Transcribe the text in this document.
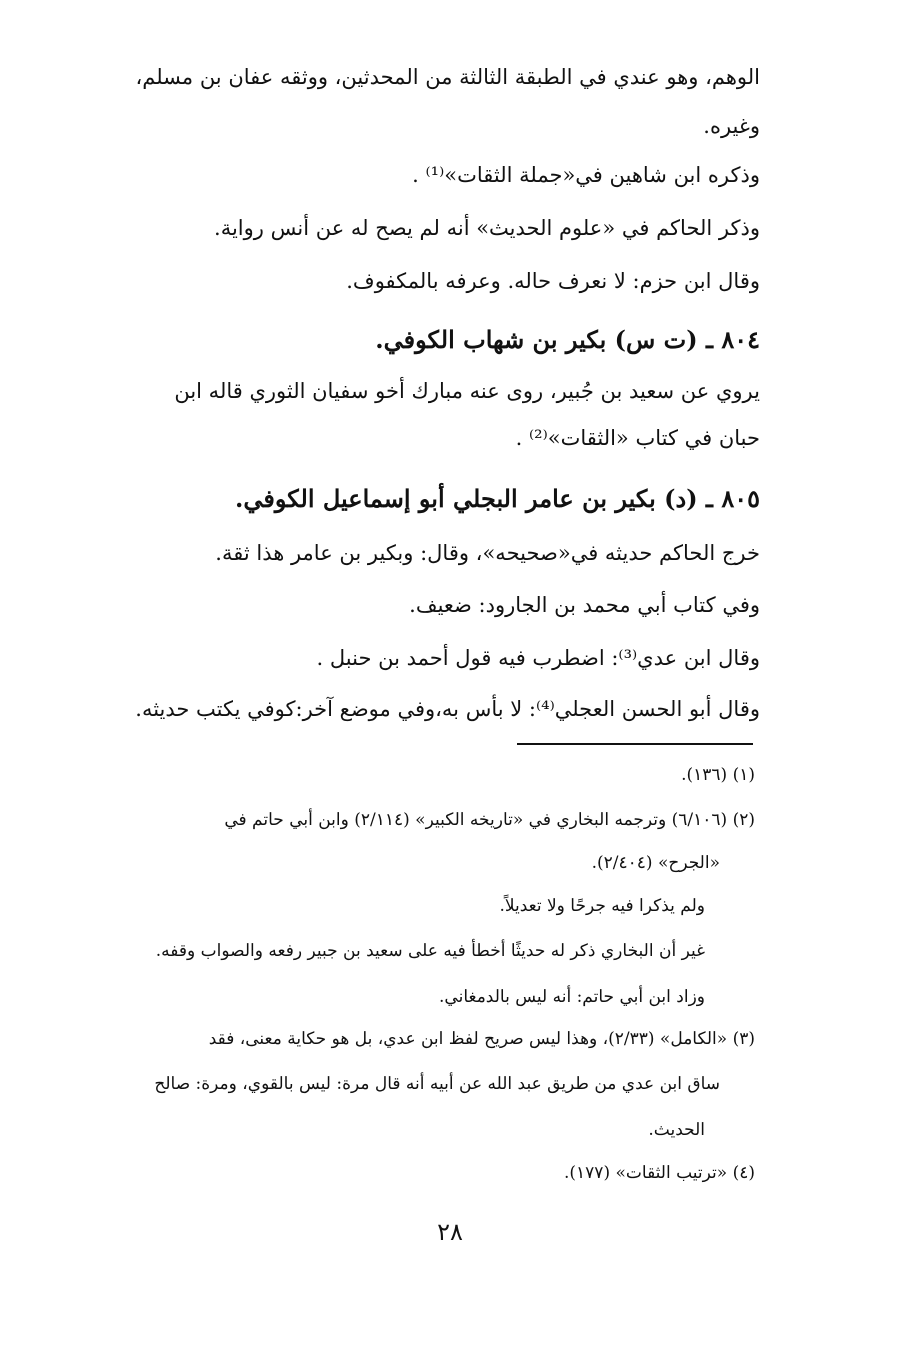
الوهم، وهو عندي في الطبقة الثالثة من المحدثين، ووثقه عفان بن مسلم،
وغيره.
وذكره ابن شاهين في«جملة الثقات»⁽¹⁾ .
وذكر الحاكم في «علوم الحديث» أنه لم يصح له عن أنس رواية.
وقال ابن حزم: لا نعرف حاله. وعرفه بالمكفوف.
٨٠٤ ـ (ت س) بكير بن شهاب الكوفي.
يروي عن سعيد بن جُبير، روى عنه مبارك أخو سفيان الثوري قاله ابن
حبان في كتاب «الثقات»⁽²⁾ .
٨٠٥ ـ (د) بكير بن عامر البجلي أبو إسماعيل الكوفي.
خرج الحاكم حديثه في«صحيحه»، وقال: وبكير بن عامر هذا ثقة.
وفي كتاب أبي محمد بن الجارود: ضعيف.
وقال ابن عدي⁽³⁾: اضطرب فيه قول أحمد بن حنبل .
وقال أبو الحسن العجلي⁽⁴⁾: لا بأس به،وفي موضع آخر:كوفي يكتب حديثه.
(١) (١٣٦).
(٢) (٦/١٠٦) وترجمه البخاري في «تاريخه الكبير» (٢/١١٤) وابن أبي حاتم في
«الجرح» (٢/٤٠٤).
ولم يذكرا فيه جرحًا ولا تعديلاً.
غير أن البخاري ذكر له حديثًا أخطأ فيه على سعيد بن جبير رفعه والصواب وقفه.
وزاد ابن أبي حاتم: أنه ليس بالدمغاني.
(٣) «الكامل» (٢/٣٣)، وهذا ليس صريح لفظ ابن عدي، بل هو حكاية معنى، فقد
ساق ابن عدي من طريق عبد الله عن أبيه أنه قال مرة: ليس بالقوي، ومرة: صالح
الحديث.
(٤) «ترتيب الثقات» (١٧٧).
٢٨
